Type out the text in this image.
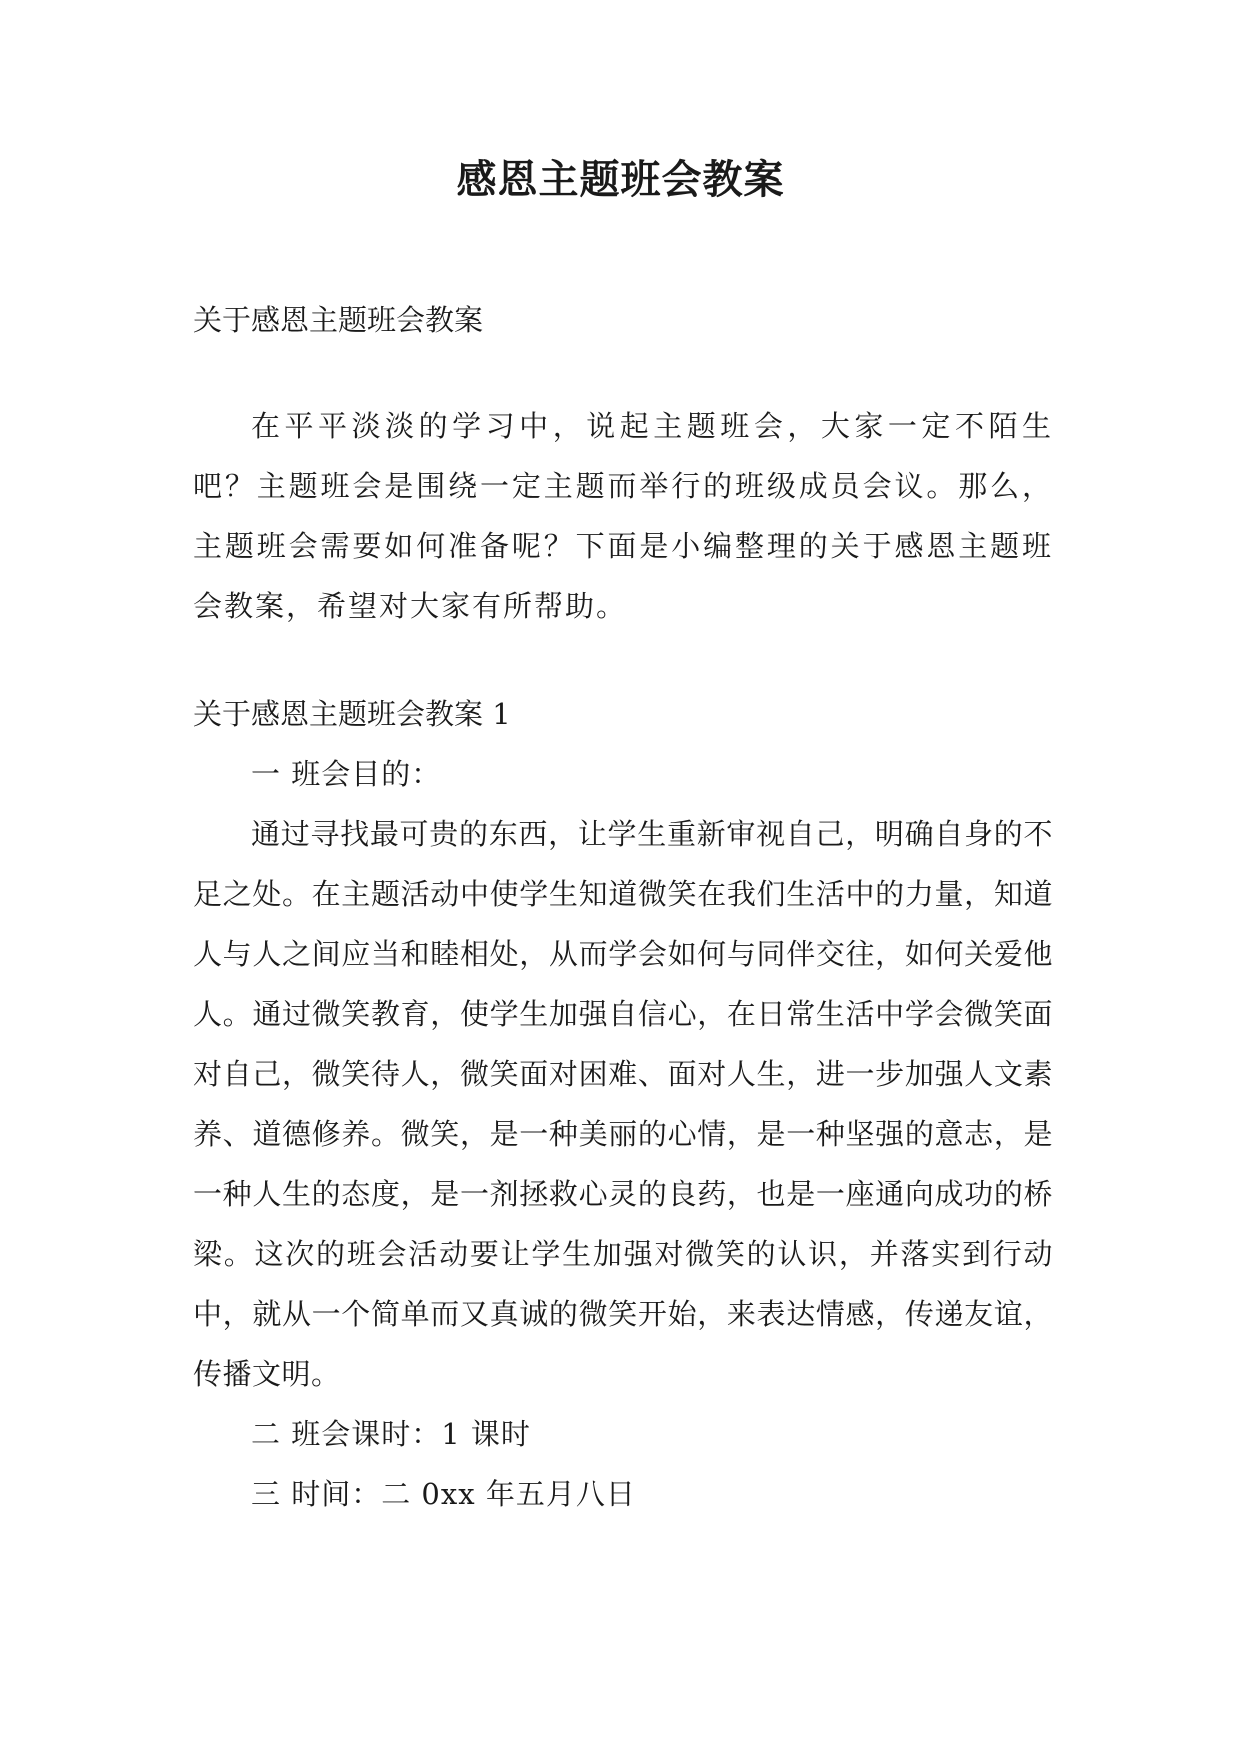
感恩主题班会教案

关于感恩主题班会教案

在平平淡淡的学习中，说起主题班会，大家一定不陌生吧？主题班会是围绕一定主题而举行的班级成员会议。那么，主题班会需要如何准备呢？下面是小编整理的关于感恩主题班会教案，希望对大家有所帮助。

关于感恩主题班会教案 1

一 班会目的：

通过寻找最可贵的东西，让学生重新审视自己，明确自身的不足之处。在主题活动中使学生知道微笑在我们生活中的力量，知道人与人之间应当和睦相处，从而学会如何与同伴交往，如何关爱他人。通过微笑教育，使学生加强自信心，在日常生活中学会微笑面对自己，微笑待人，微笑面对困难、面对人生，进一步加强人文素养、道德修养。微笑，是一种美丽的心情，是一种坚强的意志，是一种人生的态度，是一剂拯救心灵的良药，也是一座通向成功的桥梁。这次的班会活动要让学生加强对微笑的认识，并落实到行动中，就从一个简单而又真诚的微笑开始，来表达情感，传递友谊，传播文明。

二 班会课时：1 课时

三 时间：二 0xx 年五月八日
